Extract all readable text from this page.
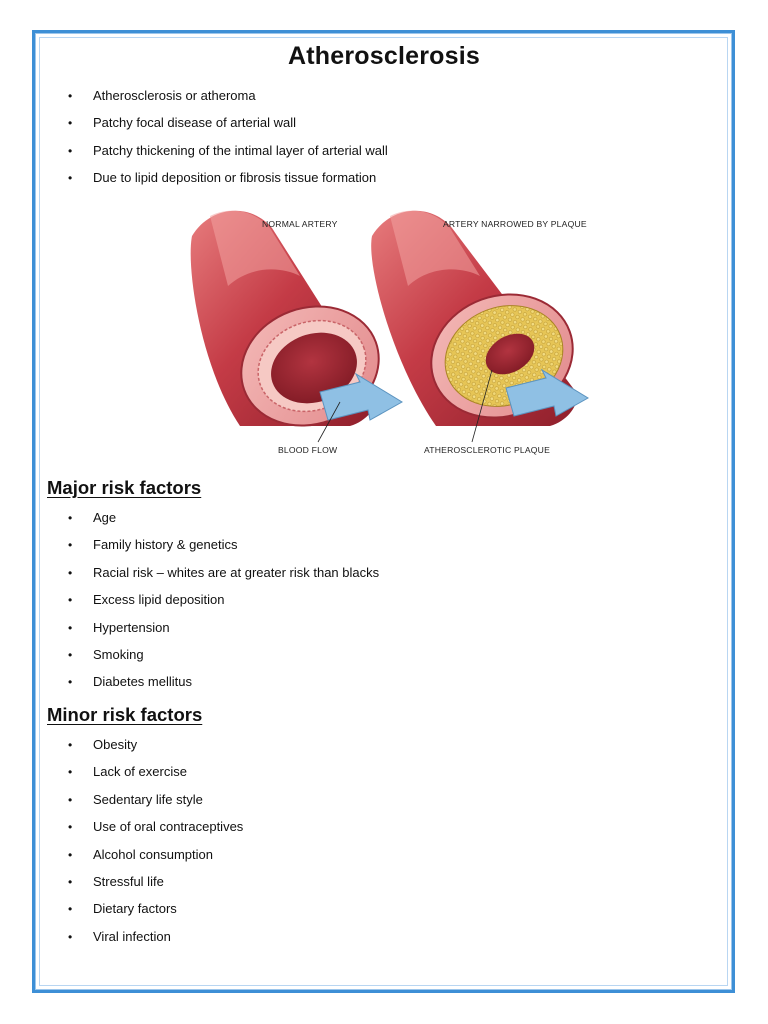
Atherosclerosis
• Atherosclerosis or atheroma
• Patchy focal disease of arterial wall
• Patchy thickening of the intimal layer of arterial wall
• Due to lipid deposition or fibrosis tissue formation
NORMAL ARTERY	ARTERY NARROWED BY PLAQUE
BLOOD FLOW	ATHEROSCLEROTIC PLAQUE
Major risk factors
• Age
• Family history & genetics
• Racial risk – whites are at greater risk than blacks
• Excess lipid deposition
• Hypertension
• Smoking
• Diabetes mellitus
Minor risk factors
• Obesity
• Lack of exercise
• Sedentary life style
• Use of oral contraceptives
• Alcohol consumption
• Stressful life
• Dietary factors
• Viral infection
